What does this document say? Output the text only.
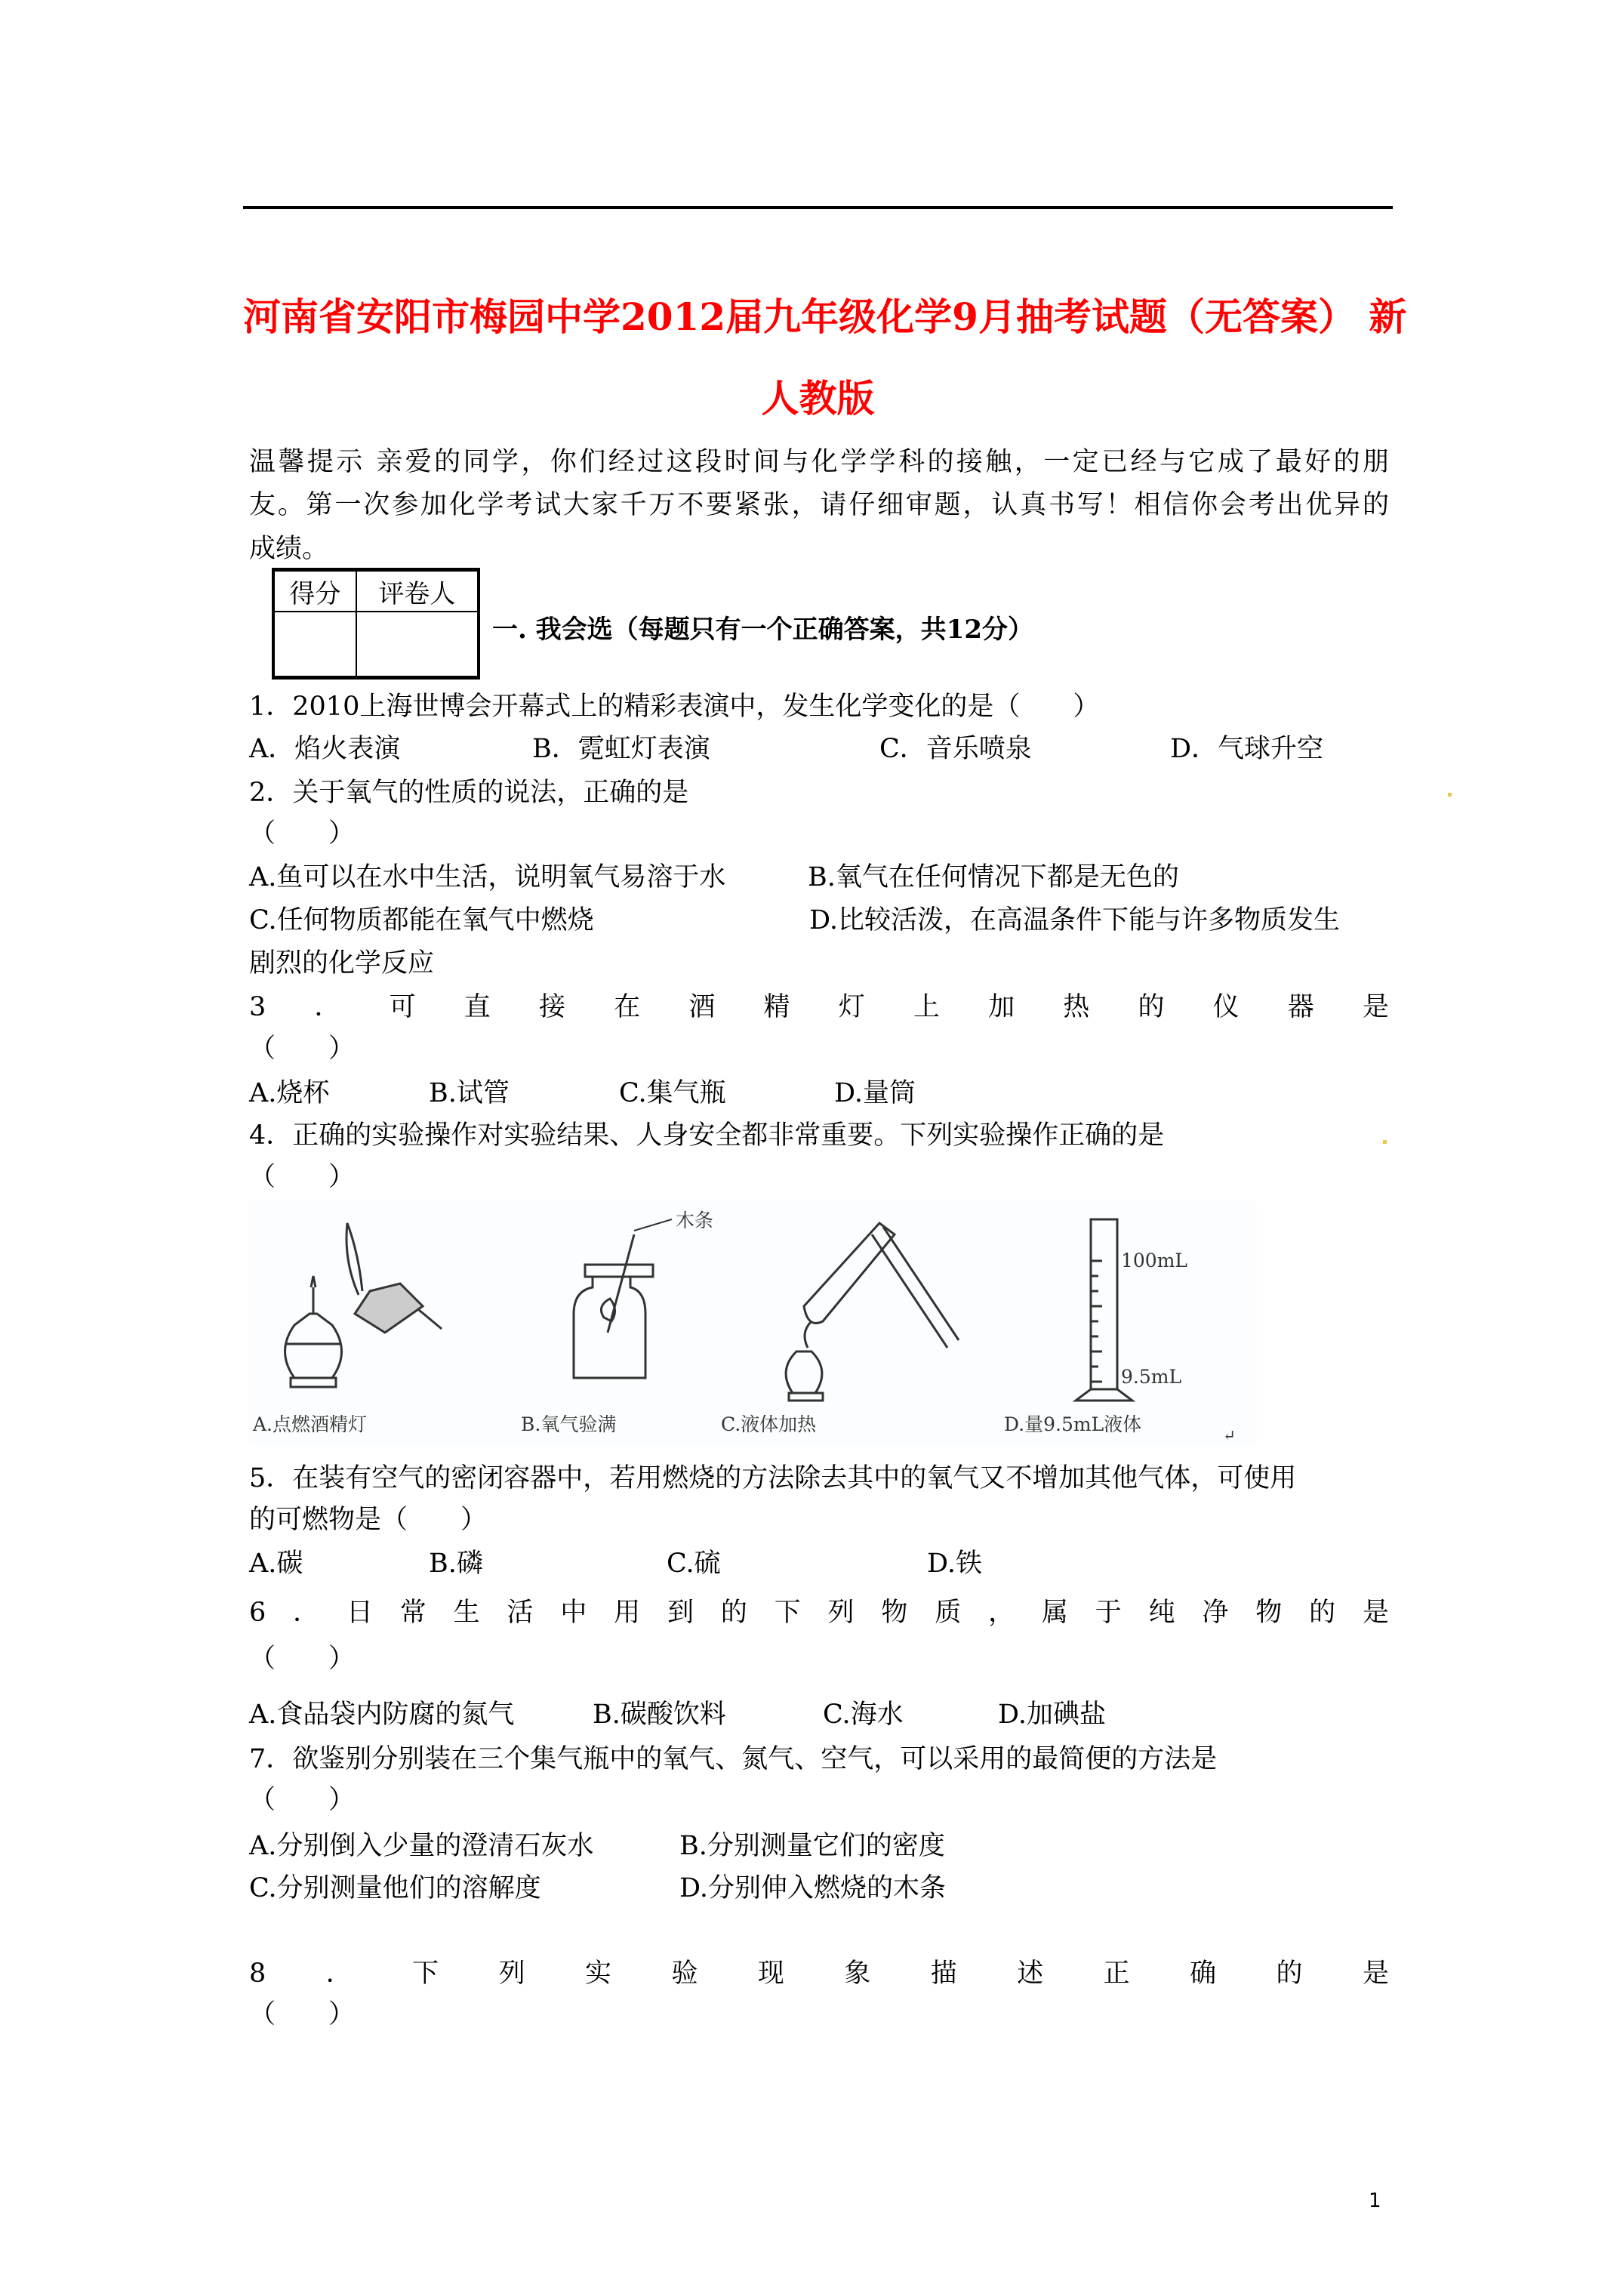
河南省安阳市梅园中学2012届九年级化学9月抽考试题（无答案） 新
人教版
温馨提示 亲爱的同学，你们经过这段时间与化学学科的接触，一定已经与它成了最好的朋
友。第一次参加化学考试大家千万不要紧张，请仔细审题，认真书写！相信你会考出优异的
成绩。
得分	评卷人

一. 我会选（每题只有一个正确答案，共12分）
1．2010上海世博会开幕式上的精彩表演中，发生化学变化的是（　　）
A．焰火表演	B．霓虹灯表演	C．音乐喷泉	D．气球升空
2．关于氧气的性质的说法，正确的是
（　　）
A.鱼可以在水中生活，说明氧气易溶于水	B.氧气在任何情况下都是无色的
C.任何物质都能在氧气中燃烧	D.比较活泼，在高温条件下能与许多物质发生
剧烈的化学反应
3．可直接在酒精灯上加热的仪器是
（　　）
A.烧杯	B.试管	C.集气瓶	D.量筒
4．正确的实验操作对实验结果、人身安全都非常重要。下列实验操作正确的是
（　　）
木条
100mL
9.5mL
A.点燃酒精灯	B.氧气验满	C.液体加热	D.量9.5mL液体	↵
5．在装有空气的密闭容器中，若用燃烧的方法除去其中的氧气又不增加其他气体，可使用
的可燃物是（　　）
A.碳	B.磷	C.硫	D.铁
6．日常生活中用到的下列物质，属于纯净物的是
（　　）
A.食品袋内防腐的氮气	B.碳酸饮料	C.海水	D.加碘盐
7．欲鉴别分别装在三个集气瓶中的氧气、氮气、空气，可以采用的最简便的方法是
（　　）
A.分别倒入少量的澄清石灰水	B.分别测量它们的密度
C.分别测量他们的溶解度	D.分别伸入燃烧的木条
8．下列实验现象描述正确的是
（　　）
1
